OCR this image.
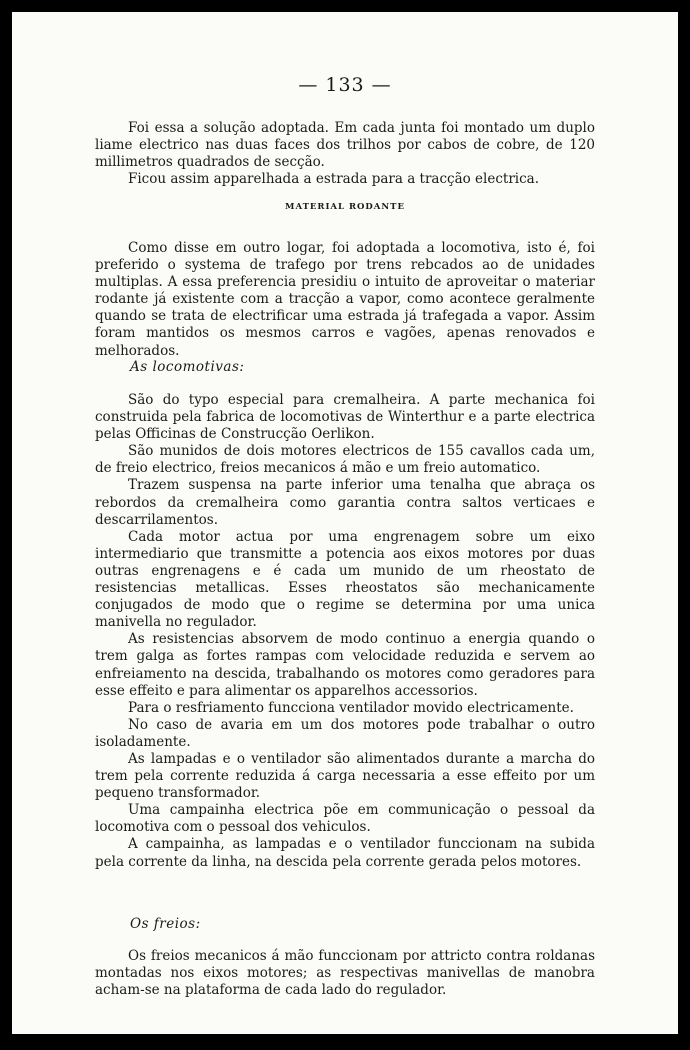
— 133 —

Foi essa a solução adoptada. Em cada junta foi montado um duplo liame electrico nas duas faces dos trilhos por cabos de cobre, de 120 millimetros quadrados de secção.

Ficou assim apparelhada a estrada para a tracção electrica.

MATERIAL RODANTE

Como disse em outro logar, foi adoptada a locomotiva, isto é, foi preferido o systema de trafego por trens rebcados ao de unidades multiplas. A essa preferencia presidiu o intuito de aproveitar o materiar rodante já existente com a tracção a vapor, como acontece geralmente quando se trata de electrificar uma estrada já trafegada a vapor. Assim foram mantidos os mesmos carros e vagões, apenas renovados e melhorados.

As locomotivas:

São do typo especial para cremalheira. A parte mechanica foi construida pela fabrica de locomotivas de Winterthur e a parte electrica pelas Officinas de Construcção Oerlikon.

São munidos de dois motores electricos de 155 cavallos cada um, de freio electrico, freios mecanicos á mão e um freio automatico.

Trazem suspensa na parte inferior uma tenalha que abraça os rebordos da cremalheira como garantia contra saltos verticaes e descarrilamentos.

Cada motor actua por uma engrenagem sobre um eixo intermediario que transmitte a potencia aos eixos motores por duas outras engrenagens e é cada um munido de um rheostato de resistencias metallicas. Esses rheostatos são mechanicamente conjugados de modo que o regime se determina por uma unica manivella no regulador.

As resistencias absorvem de modo continuo a energia quando o trem galga as fortes rampas com velocidade reduzida e servem ao enfreiamento na descida, trabalhando os motores como geradores para esse effeito e para alimentar os apparelhos accessorios.

Para o resfriamento funcciona ventilador movido electricamente.

No caso de avaria em um dos motores pode trabalhar o outro isoladamente.

As lampadas e o ventilador são alimentados durante a marcha do trem pela corrente reduzida á carga necessaria a esse effeito por um pequeno transformador.

Uma campainha electrica põe em communicação o pessoal da locomotiva com o pessoal dos vehiculos.

A campainha, as lampadas e o ventilador funccionam na subida pela corrente da linha, na descida pela corrente gerada pelos motores.

Os freios:

Os freios mecanicos á mão funccionam por attricto contra roldanas montadas nos eixos motores; as respectivas manivellas de manobra acham-se na plataforma de cada lado do regulador.
